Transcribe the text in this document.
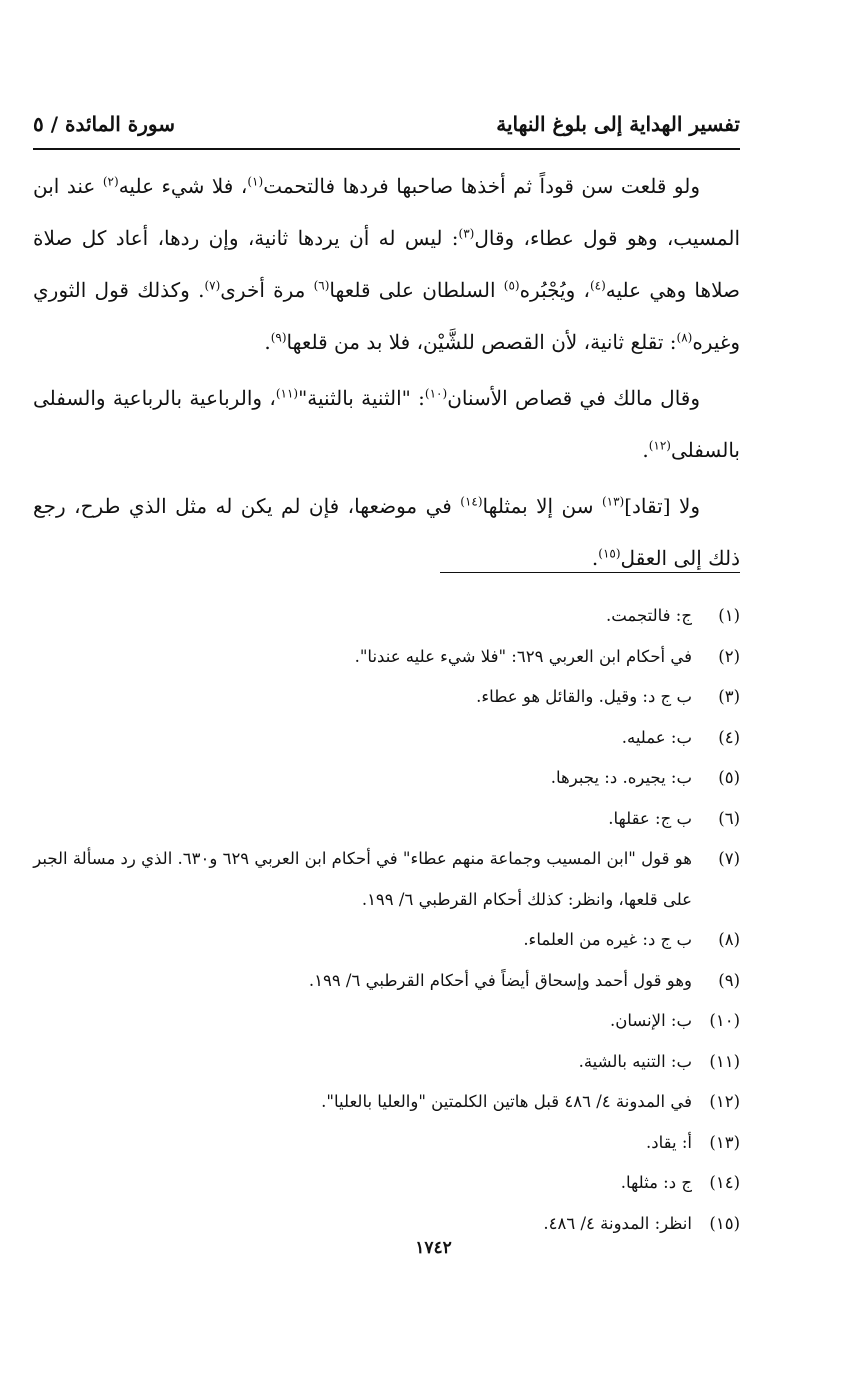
تفسير الهداية إلى بلوغ النهاية
سورة المائدة / ٥

ولو قلعت سن قوداً ثم أخذها صاحبها فردها فالتحمت$^{(١)}$، فلا شيء عليه$^{(٢)}$ عند ابن المسيب، وهو قول عطاء، وقال$^{(٣)}$: ليس له أن يردها ثانية، وإن ردها، أعاد كل صلاة صلاها وهي عليه$^{(٤)}$، ويُجْبُره$^{(٥)}$ السلطان على قلعها$^{(٦)}$ مرة أخرى$^{(٧)}$. وكذلك قول الثوري وغيره$^{(٨)}$: تقلع ثانية، لأن القصص للشَّيْن، فلا بد من قلعها$^{(٩)}$.

وقال مالك في قصاص الأسنان$^{(١٠)}$: "الثنية بالثنية"$^{(١١)}$، والرباعية بالرباعية والسفلى بالسفلى$^{(١٢)}$.

ولا [تقاد]$^{(١٣)}$ سن إلا بمثلها$^{(١٤)}$ في موضعها، فإن لم يكن له مثل الذي طرح، رجع ذلك إلى العقل$^{(١٥)}$.

(١)
ج: فالتجمت.
(٢)
في أحكام ابن العربي ٦٢٩: "فلا شيء عليه عندنا".
(٣)
ب ج د: وقيل. والقائل هو عطاء.
(٤)
ب: عمليه.
(٥)
ب: يجيره. د: يجبرها.
(٦)
ب ج: عقلها.
(٧)
هو قول "ابن المسيب وجماعة منهم عطاء" في أحكام ابن العربي ٦٢٩ و٦٣٠. الذي رد مسألة الجبر على قلعها، وانظر: كذلك أحكام القرطبي ٦/ ١٩٩.
(٨)
ب ج د: غيره من العلماء.
(٩)
وهو قول أحمد وإسحاق أيضاً في أحكام القرطبي ٦/ ١٩٩.
(١٠)
ب: الإنسان.
(١١)
ب: التنيه بالشية.
(١٢)
في المدونة ٤/ ٤٨٦ قبل هاتين الكلمتين "والعليا بالعليا".
(١٣)
أ: يقاد.
(١٤)
ج د: مثلها.
(١٥)
انظر: المدونة ٤/ ٤٨٦.
١٧٤٢
